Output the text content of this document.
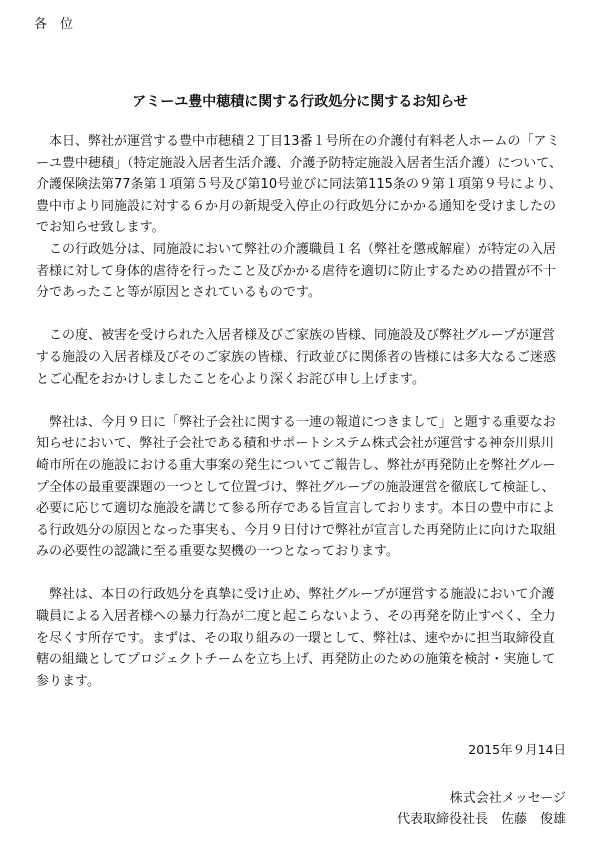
各　位
アミーユ豊中穂積に関する行政処分に関するお知らせ

　本日、弊社が運営する豊中市穂積２丁目13番１号所在の介護付有料老人ホームの「アミーユ豊中穂積」（特定施設入居者生活介護、介護予防特定施設入居者生活介護）について、介護保険法第77条第１項第５号及び第10号並びに同法第115条の９第１項第９号により、豊中市より同施設に対する６か月の新規受入停止の行政処分にかかる通知を受けましたのでお知らせ致します。

　この行政処分は、同施設において弊社の介護職員１名（弊社を懲戒解雇）が特定の入居者様に対して身体的虐待を行ったこと及びかかる虐待を適切に防止するための措置が不十分であったこと等が原因とされているものです。

　この度、被害を受けられた入居者様及びご家族の皆様、同施設及び弊社グループが運営する施設の入居者様及びそのご家族の皆様、行政並びに関係者の皆様には多大なるご迷惑とご心配をおかけしましたことを心より深くお詫び申し上げます。

　弊社は、今月９日に「弊社子会社に関する一連の報道につきまして」と題する重要なお知らせにおいて、弊社子会社である積和サポートシステム株式会社が運営する神奈川県川崎市所在の施設における重大事案の発生についてご報告し、弊社が再発防止を弊社グループ全体の最重要課題の一つとして位置づけ、弊社グループの施設運営を徹底して検証し、必要に応じて適切な施設を講じて参る所存である旨宣言しております。本日の豊中市による行政処分の原因となった事実も、今月９日付けで弊社が宣言した再発防止に向けた取組みの必要性の認識に至る重要な契機の一つとなっております。

　弊社は、本日の行政処分を真摯に受け止め、弊社グループが運営する施設において介護職員による入居者様への暴力行為が二度と起こらないよう、その再発を防止すべく、全力を尽くす所存です。まずは、その取り組みの一環として、弊社は、速やかに担当取締役直轄の組織としてプロジェクトチームを立ち上げ、再発防止のための施策を検討・実施して参ります。

2015年９月14日
株式会社メッセージ
代表取締役社長　佐藤　俊雄
